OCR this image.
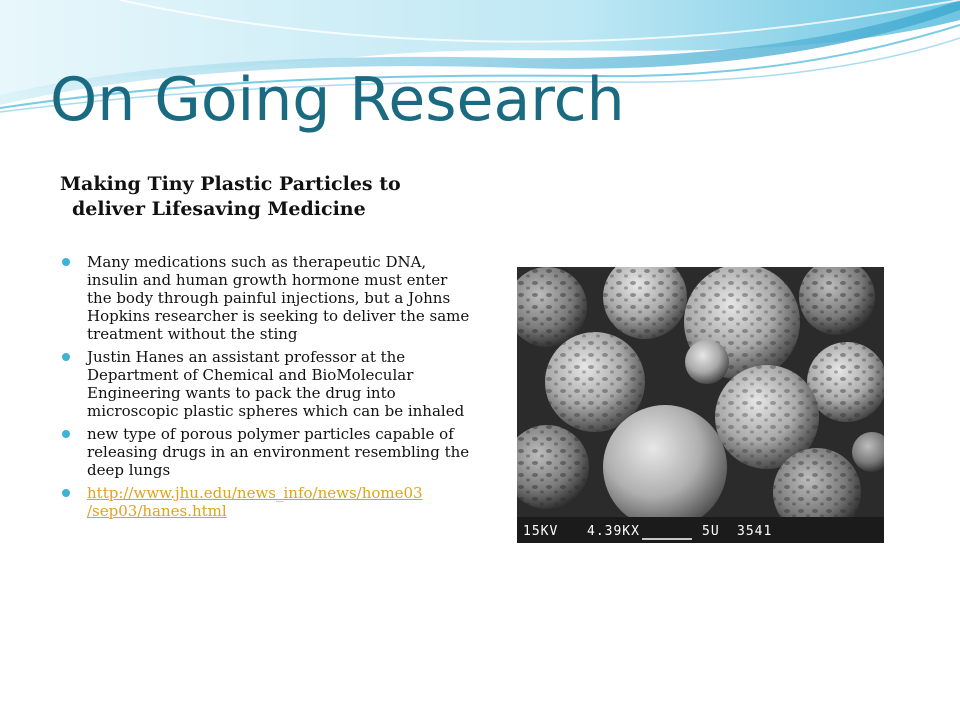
On Going Research
Making Tiny Plastic Particles to
deliver Lifesaving Medicine
Many medications such as therapeutic DNA, insulin and human growth hormone must enter the body through painful injections, but a Johns Hopkins researcher is seeking to deliver the same treatment without the sting
Justin Hanes an assistant professor at the Department of Chemical and BioMolecular Engineering wants to pack the drug into microscopic plastic spheres which can be inhaled
new type of porous polymer particles capable of releasing drugs in an environment resembling the deep lungs
http://www.jhu.edu/news_info/news/home03
/sep03/hanes.html
15KV 4.39KX	5U 3541
